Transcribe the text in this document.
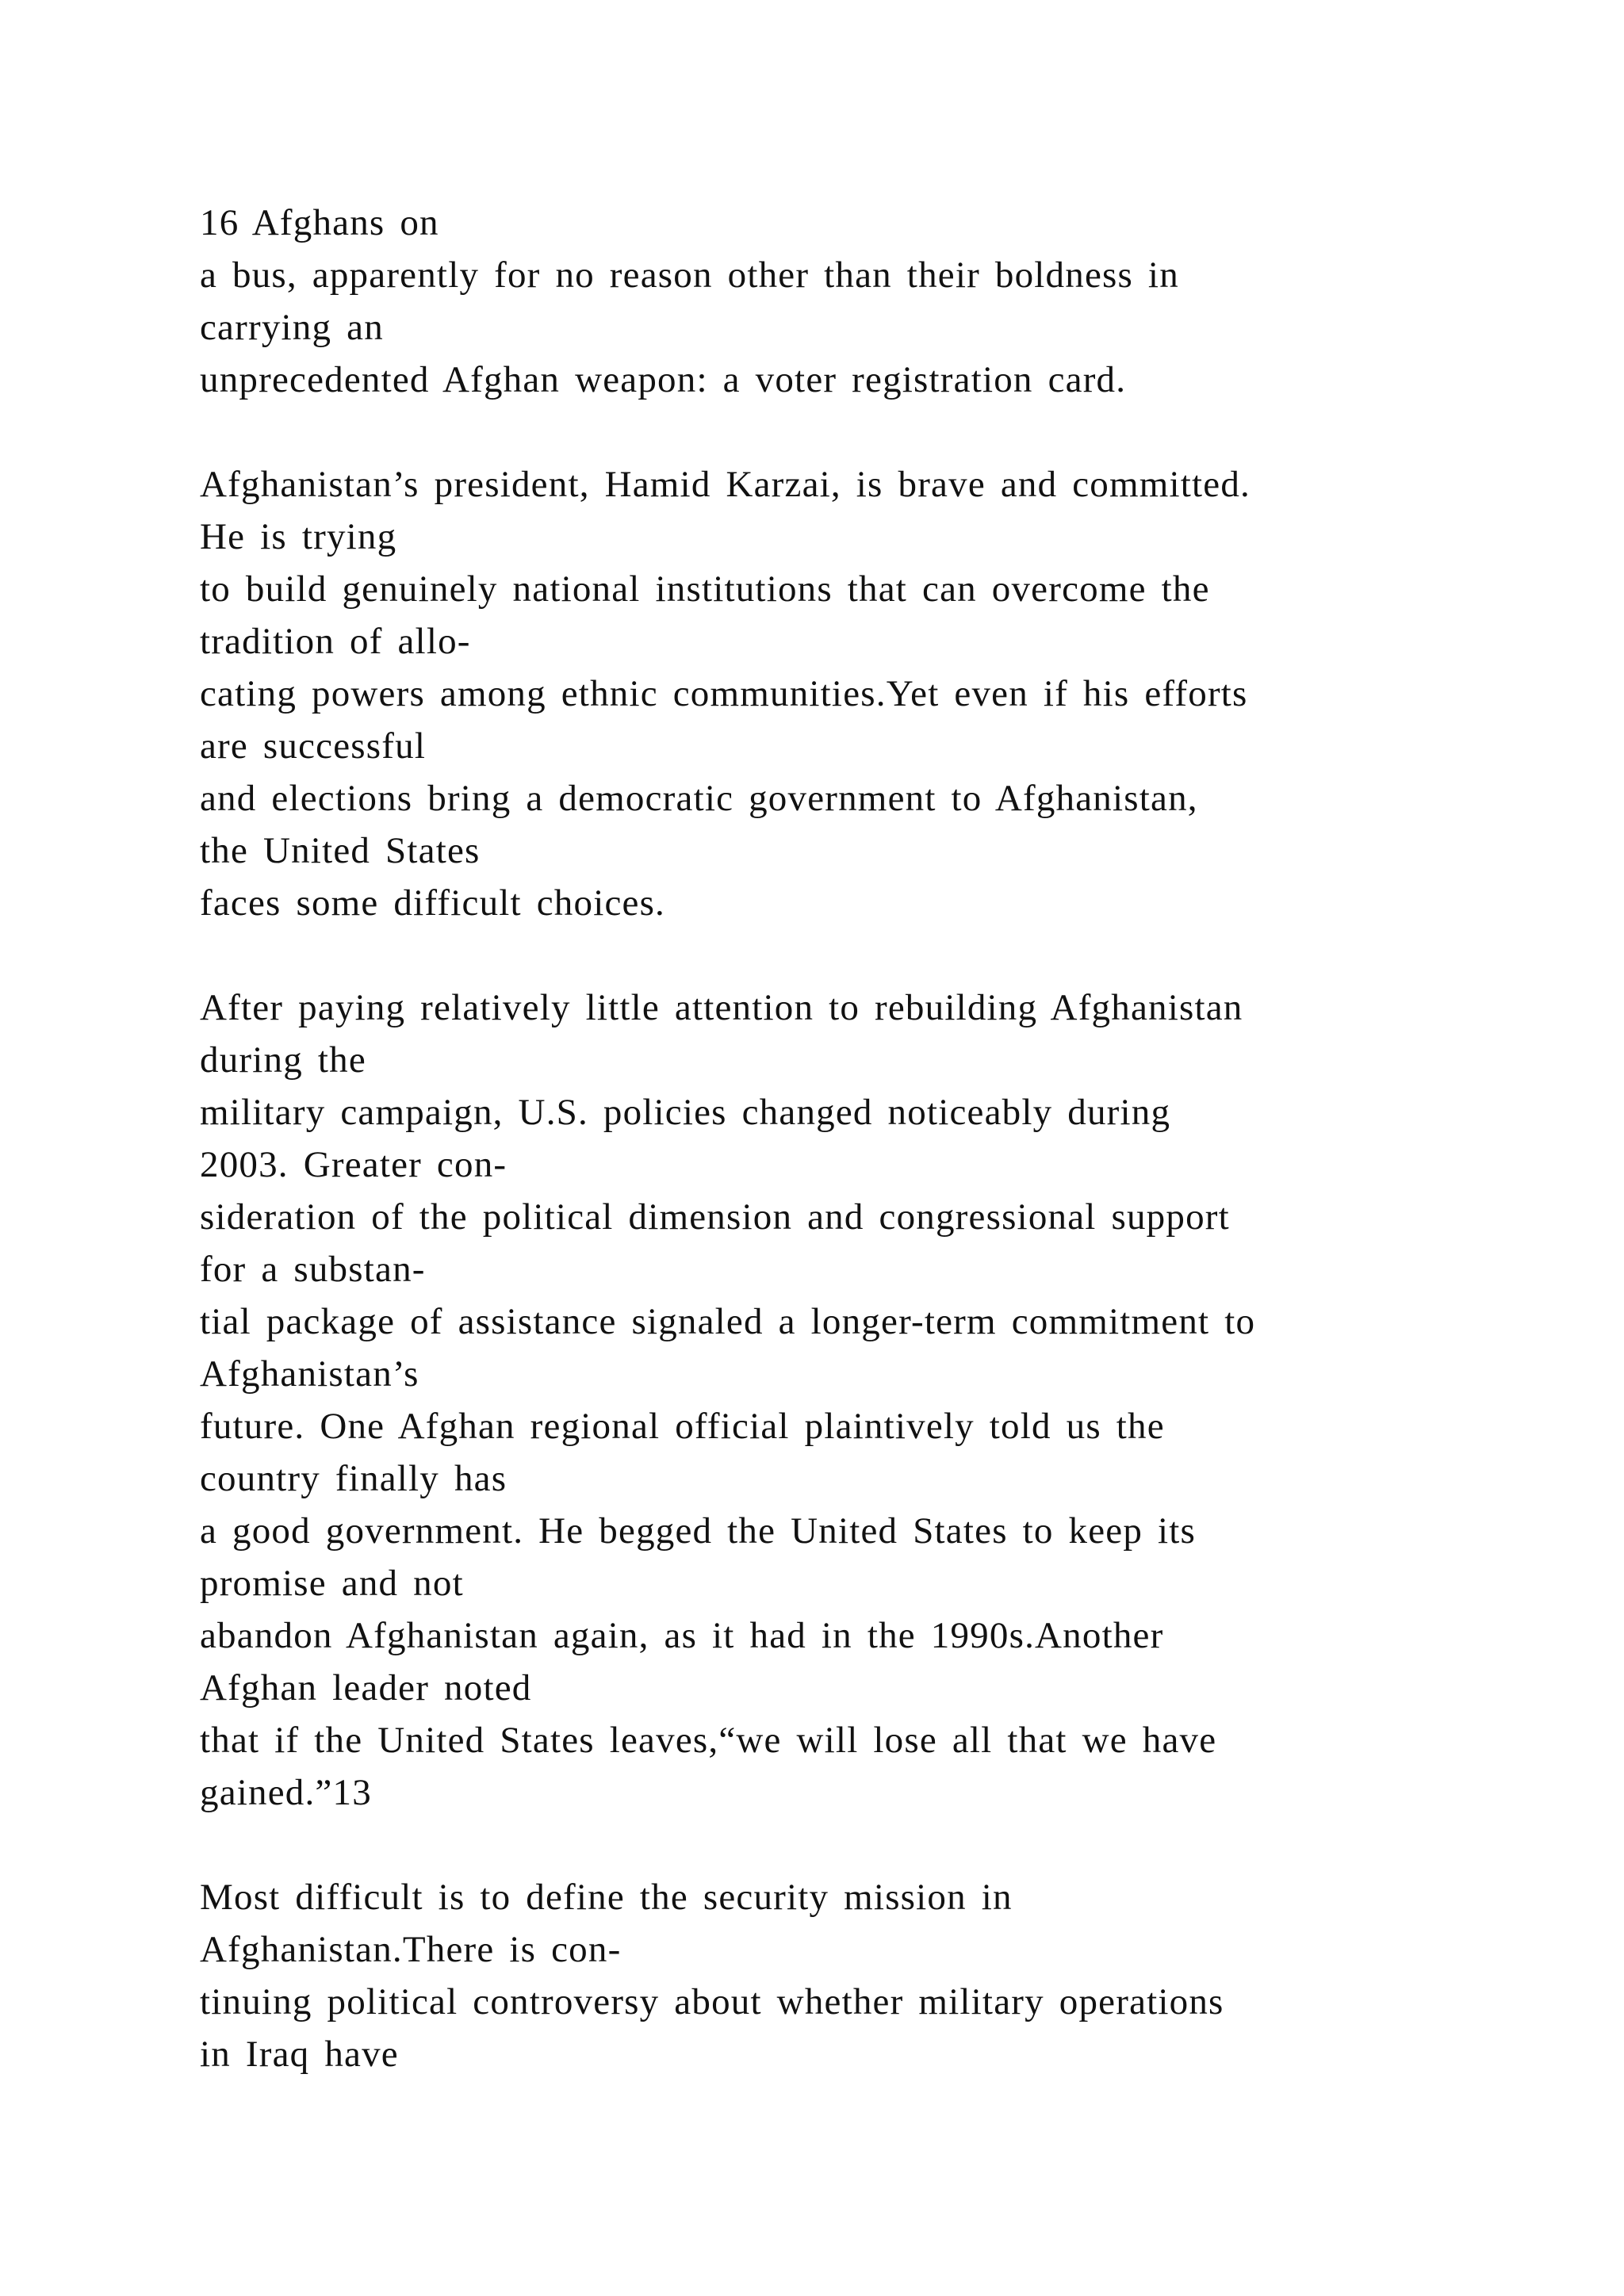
16 Afghans on
a bus, apparently for no reason other than their boldness in
carrying an
unprecedented Afghan weapon: a voter registration card.

Afghanistan’s president, Hamid Karzai, is brave and committed.
He is trying
to build genuinely national institutions that can overcome the
tradition of allo-
cating powers among ethnic communities.Yet even if his efforts
are successful
and elections bring a democratic government to Afghanistan,
the United States
faces some difficult choices.

After paying relatively little attention to rebuilding Afghanistan
during the
military campaign, U.S. policies changed noticeably during
2003. Greater con-
sideration of the political dimension and congressional support
for a substan-
tial package of assistance signaled a longer-term commitment to
Afghanistan’s
future. One Afghan regional official plaintively told us the
country finally has
a good government. He begged the United States to keep its
promise and not
abandon Afghanistan again, as it had in the 1990s.Another
Afghan leader noted
that if the United States leaves,“we will lose all that we have
gained.”13

Most difficult is to define the security mission in
Afghanistan.There is con-
tinuing political controversy about whether military operations
in Iraq have
